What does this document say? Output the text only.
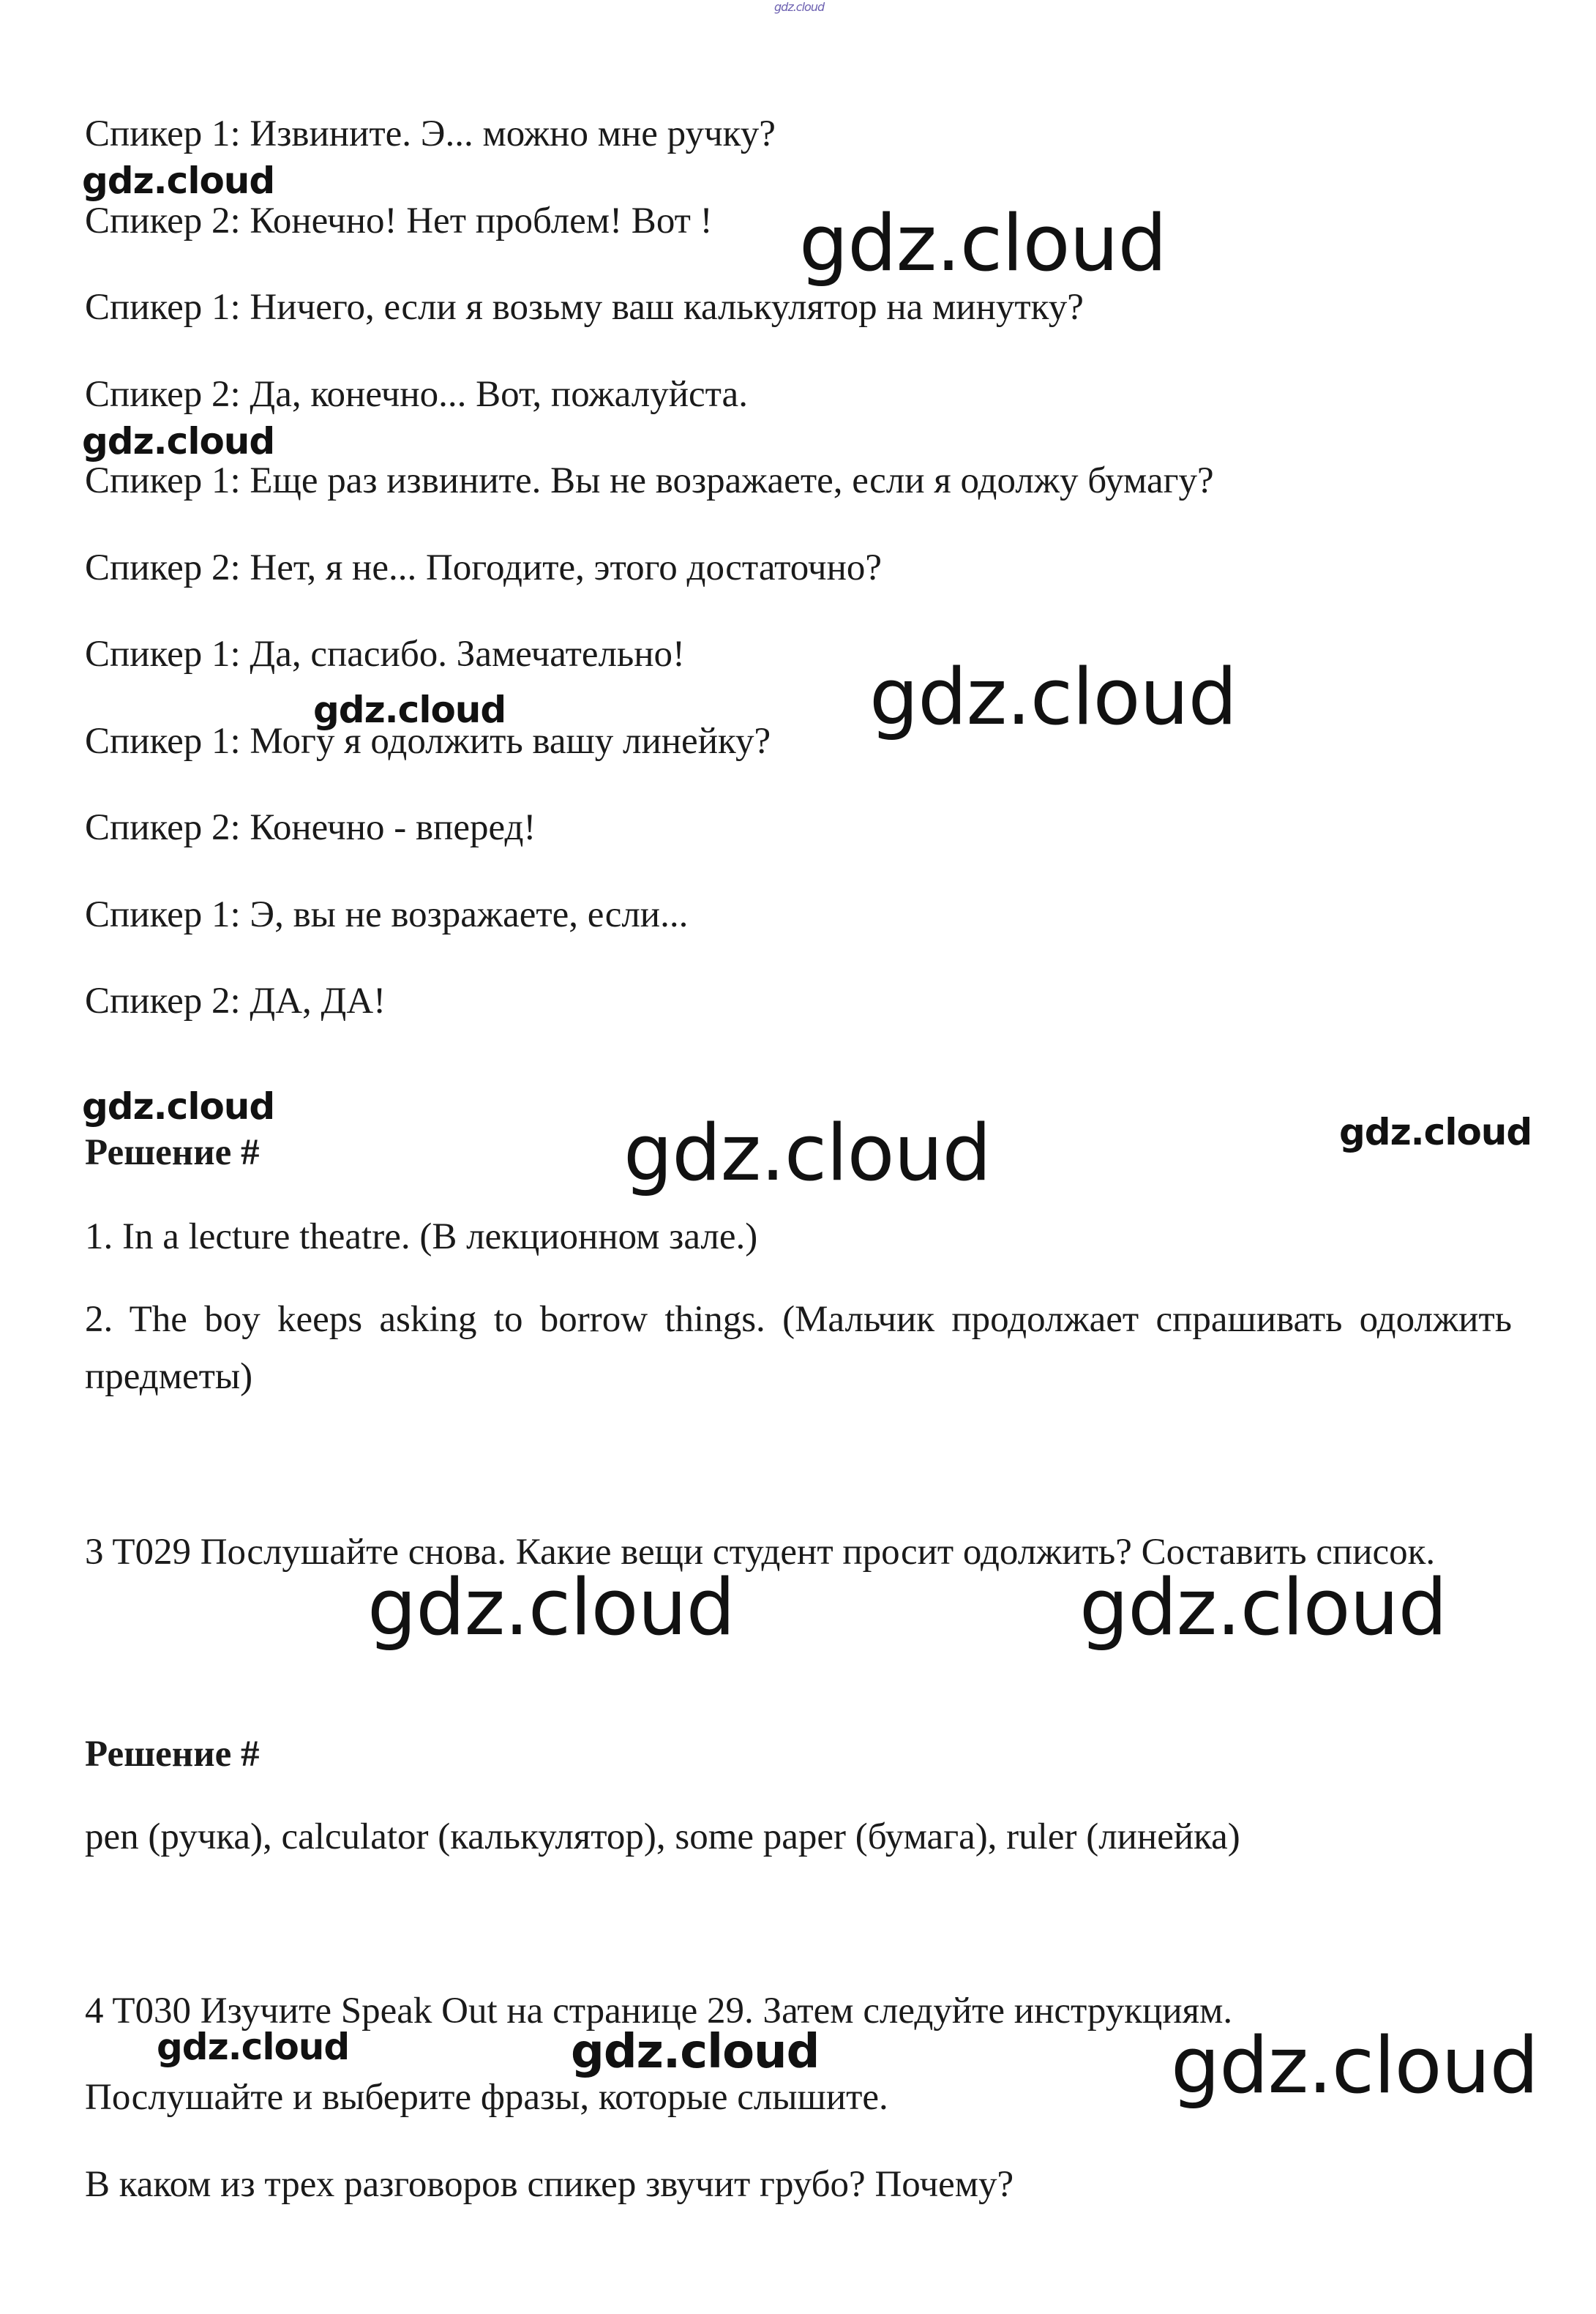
gdz.cloud

Спикер 1: Извините. Э... можно мне ручку?

Спикер 2: Конечно! Нет проблем! Вот !

Спикер 1: Ничего, если я возьму ваш калькулятор на минутку?

Спикер 2: Да, конечно... Вот, пожалуйста.

Спикер 1: Еще раз извините. Вы не возражаете, если я одолжу бумагу?

Спикер 2: Нет, я не... Погодите, этого достаточно?

Спикер 1: Да, спасибо. Замечательно!

Спикер 1: Могу я одолжить вашу линейку?

Спикер 2: Конечно - вперед!

Спикер 1: Э, вы не возражаете, если...

Спикер 2: ДА, ДА!

Решение #

1. In a lecture theatre. (В лекционном зале.)

2. The boy keeps asking to borrow things. (Мальчик продолжает спрашивать одолжить предметы)

3 T029 Послушайте снова. Какие вещи студент просит одолжить? Составить список.

Решение #

pen (ручка), calculator (калькулятор), some paper (бумага), ruler (линейка)

4 T030 Изучите Speak Out на странице 29. Затем следуйте инструкциям.

Послушайте и выберите фразы, которые слышите.

В каком из трех разговоров спикер звучит грубо? Почему?

gdz.cloud
gdz.cloud
gdz.cloud
gdz.cloud	gdz.cloud
gdz.cloud
gdz.cloud	gdz.cloud
gdz.cloud	gdz.cloud
gdz.cloud	gdz.cloud	gdz.cloud
